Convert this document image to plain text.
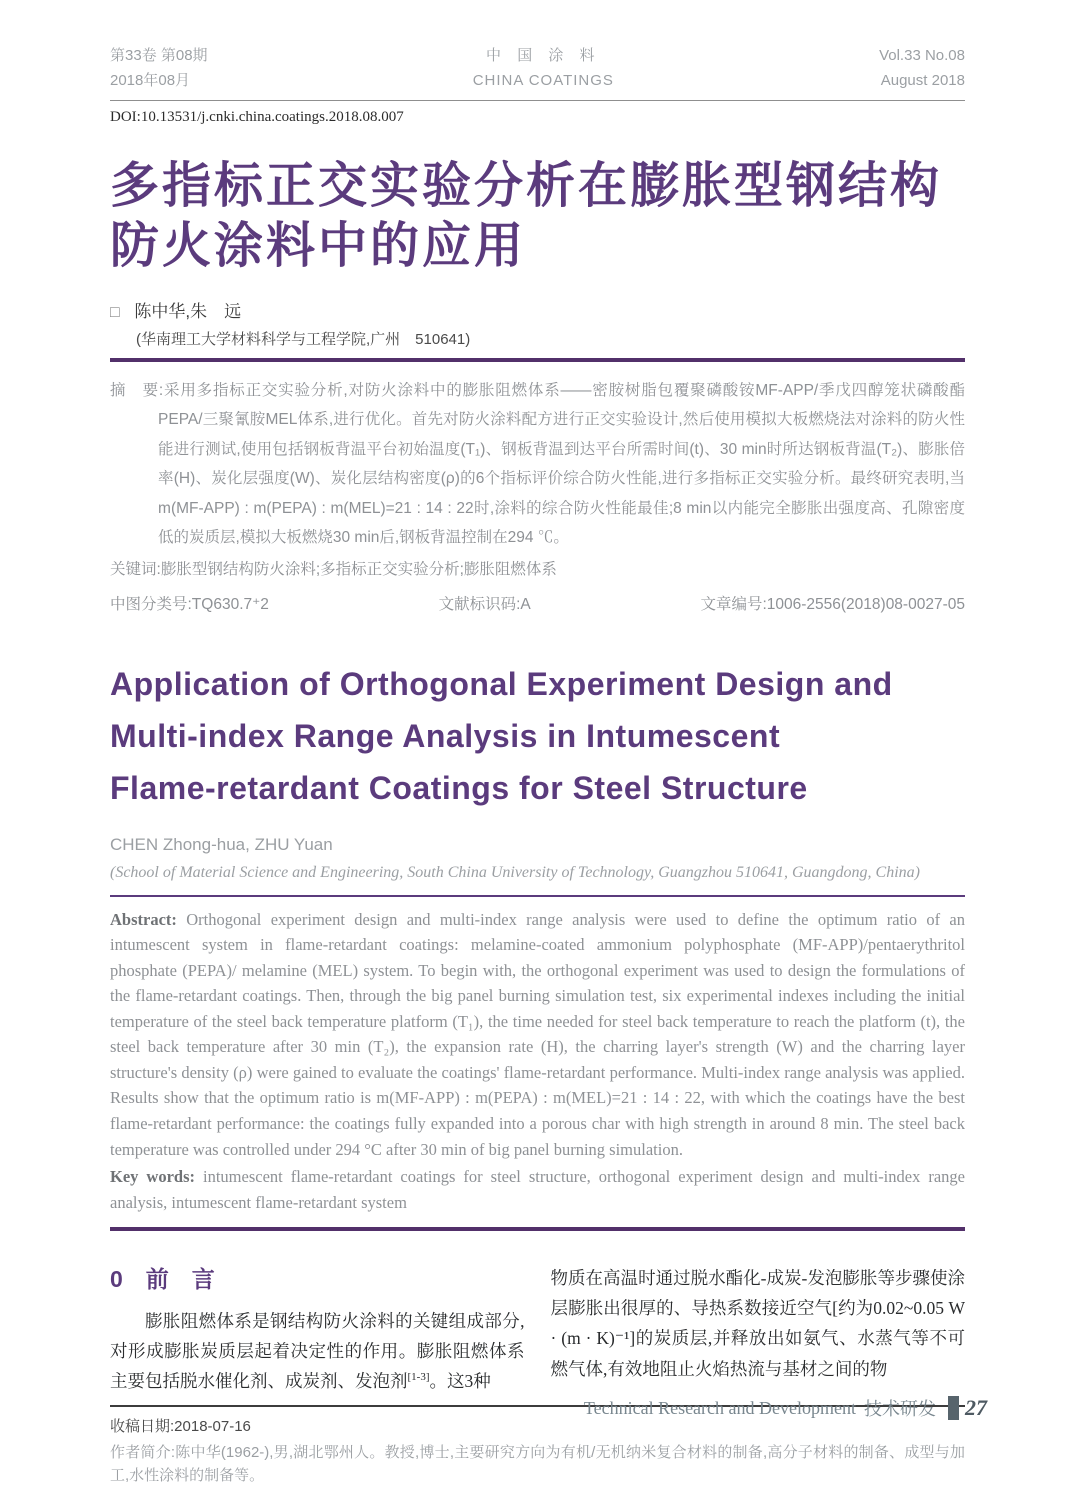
第33卷 第08期
2018年08月
中 国 涂 料
CHINA COATINGS
Vol.33 No.08
August 2018
DOI:10.13531/j.cnki.china.coatings.2018.08.007
多指标正交实验分析在膨胀型钢结构
防火涂料中的应用
□ 陈中华,朱　远
(华南理工大学材料科学与工程学院,广州　510641)

摘　要:采用多指标正交实验分析,对防火涂料中的膨胀阻燃体系——密胺树脂包覆聚磷酸铵MF-APP/季戊四醇笼状磷酸酯PEPA/三聚氰胺MEL体系,进行优化。首先对防火涂料配方进行正交实验设计,然后使用模拟大板燃烧法对涂料的防火性能进行测试,使用包括钢板背温平台初始温度(T₁)、钢板背温到达平台所需时间(t)、30 min时所达钢板背温(T₂)、膨胀倍率(H)、炭化层强度(W)、炭化层结构密度(ρ)的6个指标评价综合防火性能,进行多指标正交实验分析。最终研究表明,当m(MF-APP) : m(PEPA) : m(MEL)=21 : 14 : 22时,涂料的综合防火性能最佳;8 min以内能完全膨胀出强度高、孔隙密度低的炭质层,模拟大板燃烧30 min后,钢板背温控制在294 ℃。

关键词:膨胀型钢结构防火涂料;多指标正交实验分析;膨胀阻燃体系
中图分类号:TQ630.7⁺2	文献标识码:A	文章编号:1006-2556(2018)08-0027-05
Application of Orthogonal Experiment Design and
Multi-index Range Analysis in Intumescent
Flame-retardant Coatings for Steel Structure
CHEN Zhong-hua, ZHU Yuan
(School of Material Science and Engineering, South China University of Technology, Guangzhou 510641, Guangdong, China)

Abstract: Orthogonal experiment design and multi-index range analysis were used to define the optimum ratio of an intumescent system in flame-retardant coatings: melamine-coated ammonium polyphosphate (MF-APP)/pentaerythritol phosphate (PEPA)/ melamine (MEL) system. To begin with, the orthogonal experiment was used to design the formulations of the flame-retardant coatings. Then, through the big panel burning simulation test, six experimental indexes including the initial temperature of the steel back temperature platform (T₁), the time needed for steel back temperature to reach the platform (t), the steel back temperature after 30 min (T₂), the expansion rate (H), the charring layer's strength (W) and the charring layer structure's density (ρ) were gained to evaluate the coatings' flame-retardant performance. Multi-index range analysis was applied. Results show that the optimum ratio is m(MF-APP) : m(PEPA) : m(MEL)=21 : 14 : 22, with which the coatings have the best flame-retardant performance: the coatings fully expanded into a porous char with high strength in around 8 min. The steel back temperature was controlled under 294 °C after 30 min of big panel burning simulation.

Key words: intumescent flame-retardant coatings for steel structure, orthogonal experiment design and multi-index range analysis, intumescent flame-retardant system

0　前　言

膨胀阻燃体系是钢结构防火涂料的关键组成部分,对形成膨胀炭质层起着决定性的作用。膨胀阻燃体系主要包括脱水催化剂、成炭剂、发泡剂[1-3]。这3种

物质在高温时通过脱水酯化-成炭-发泡膨胀等步骤使涂层膨胀出很厚的、导热系数接近空气[约为0.02~0.05 W · (m · K)⁻¹]的炭质层,并释放出如氨气、水蒸气等不可燃气体,有效地阻止火焰热流与基材之间的物

收稿日期:2018-07-16
作者简介:陈中华(1962-),男,湖北鄂州人。教授,博士,主要研究方向为有机/无机纳米复合材料的制备,高分子材料的制备、成型与加工,水性涂料的制备等。
Technical Research and Development 技术研发 27
